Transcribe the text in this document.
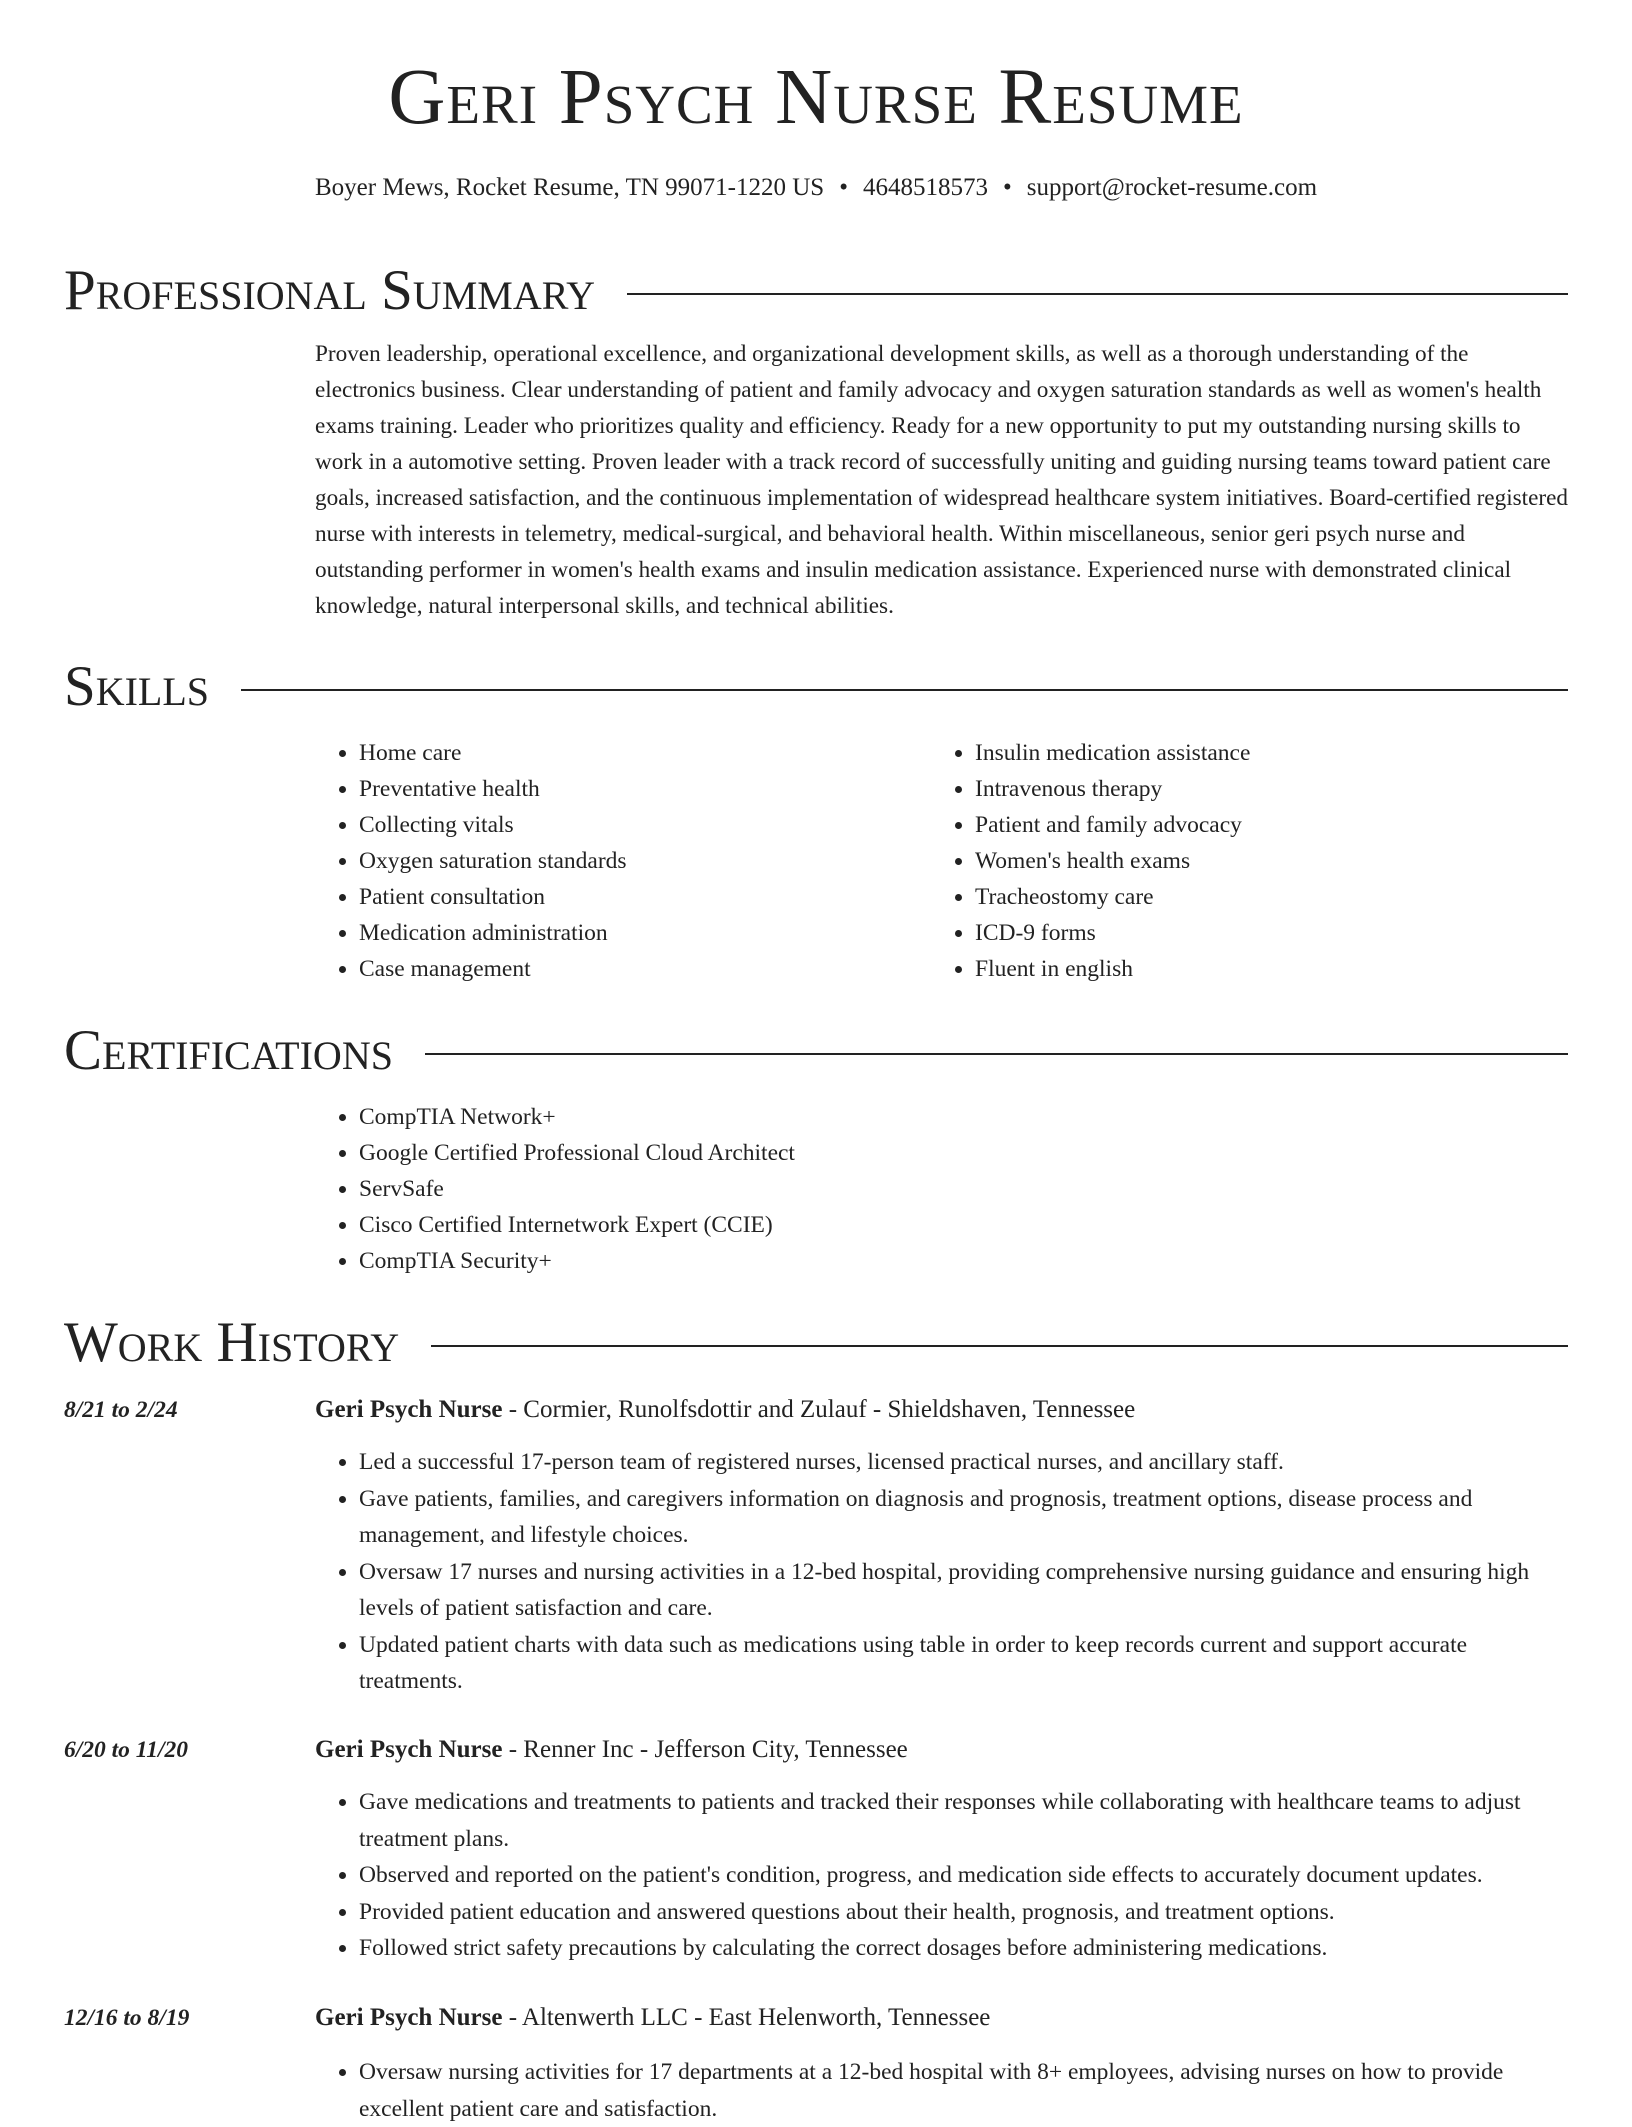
Geri Psych Nurse Resume
Boyer Mews, Rocket Resume, TN 99071-1220 US • 4648518573 • support@rocket-resume.com
Professional Summary
Proven leadership, operational excellence, and organizational development skills, as well as a thorough understanding of the electronics business. Clear understanding of patient and family advocacy and oxygen saturation standards as well as women's health exams training. Leader who prioritizes quality and efficiency. Ready for a new opportunity to put my outstanding nursing skills to work in a automotive setting. Proven leader with a track record of successfully uniting and guiding nursing teams toward patient care goals, increased satisfaction, and the continuous implementation of widespread healthcare system initiatives. Board-certified registered nurse with interests in telemetry, medical-surgical, and behavioral health. Within miscellaneous, senior geri psych nurse and outstanding performer in women's health exams and insulin medication assistance. Experienced nurse with demonstrated clinical knowledge, natural interpersonal skills, and technical abilities.
Skills
• Home care
• Preventative health
• Collecting vitals
• Oxygen saturation standards
• Patient consultation
• Medication administration
• Case management
• Insulin medication assistance
• Intravenous therapy
• Patient and family advocacy
• Women's health exams
• Tracheostomy care
• ICD-9 forms
• Fluent in english
Certifications
• CompTIA Network+
• Google Certified Professional Cloud Architect
• ServSafe
• Cisco Certified Internetwork Expert (CCIE)
• CompTIA Security+
Work History
8/21 to 2/24	Geri Psych Nurse - Cormier, Runolfsdottir and Zulauf - Shieldshaven, Tennessee
• Led a successful 17-person team of registered nurses, licensed practical nurses, and ancillary staff.
• Gave patients, families, and caregivers information on diagnosis and prognosis, treatment options, disease process and management, and lifestyle choices.
• Oversaw 17 nurses and nursing activities in a 12-bed hospital, providing comprehensive nursing guidance and ensuring high levels of patient satisfaction and care.
• Updated patient charts with data such as medications using table in order to keep records current and support accurate treatments.
6/20 to 11/20	Geri Psych Nurse - Renner Inc - Jefferson City, Tennessee
• Gave medications and treatments to patients and tracked their responses while collaborating with healthcare teams to adjust treatment plans.
• Observed and reported on the patient's condition, progress, and medication side effects to accurately document updates.
• Provided patient education and answered questions about their health, prognosis, and treatment options.
• Followed strict safety precautions by calculating the correct dosages before administering medications.
12/16 to 8/19	Geri Psych Nurse - Altenwerth LLC - East Helenworth, Tennessee
• Oversaw nursing activities for 17 departments at a 12-bed hospital with 8+ employees, advising nurses on how to provide excellent patient care and satisfaction.
